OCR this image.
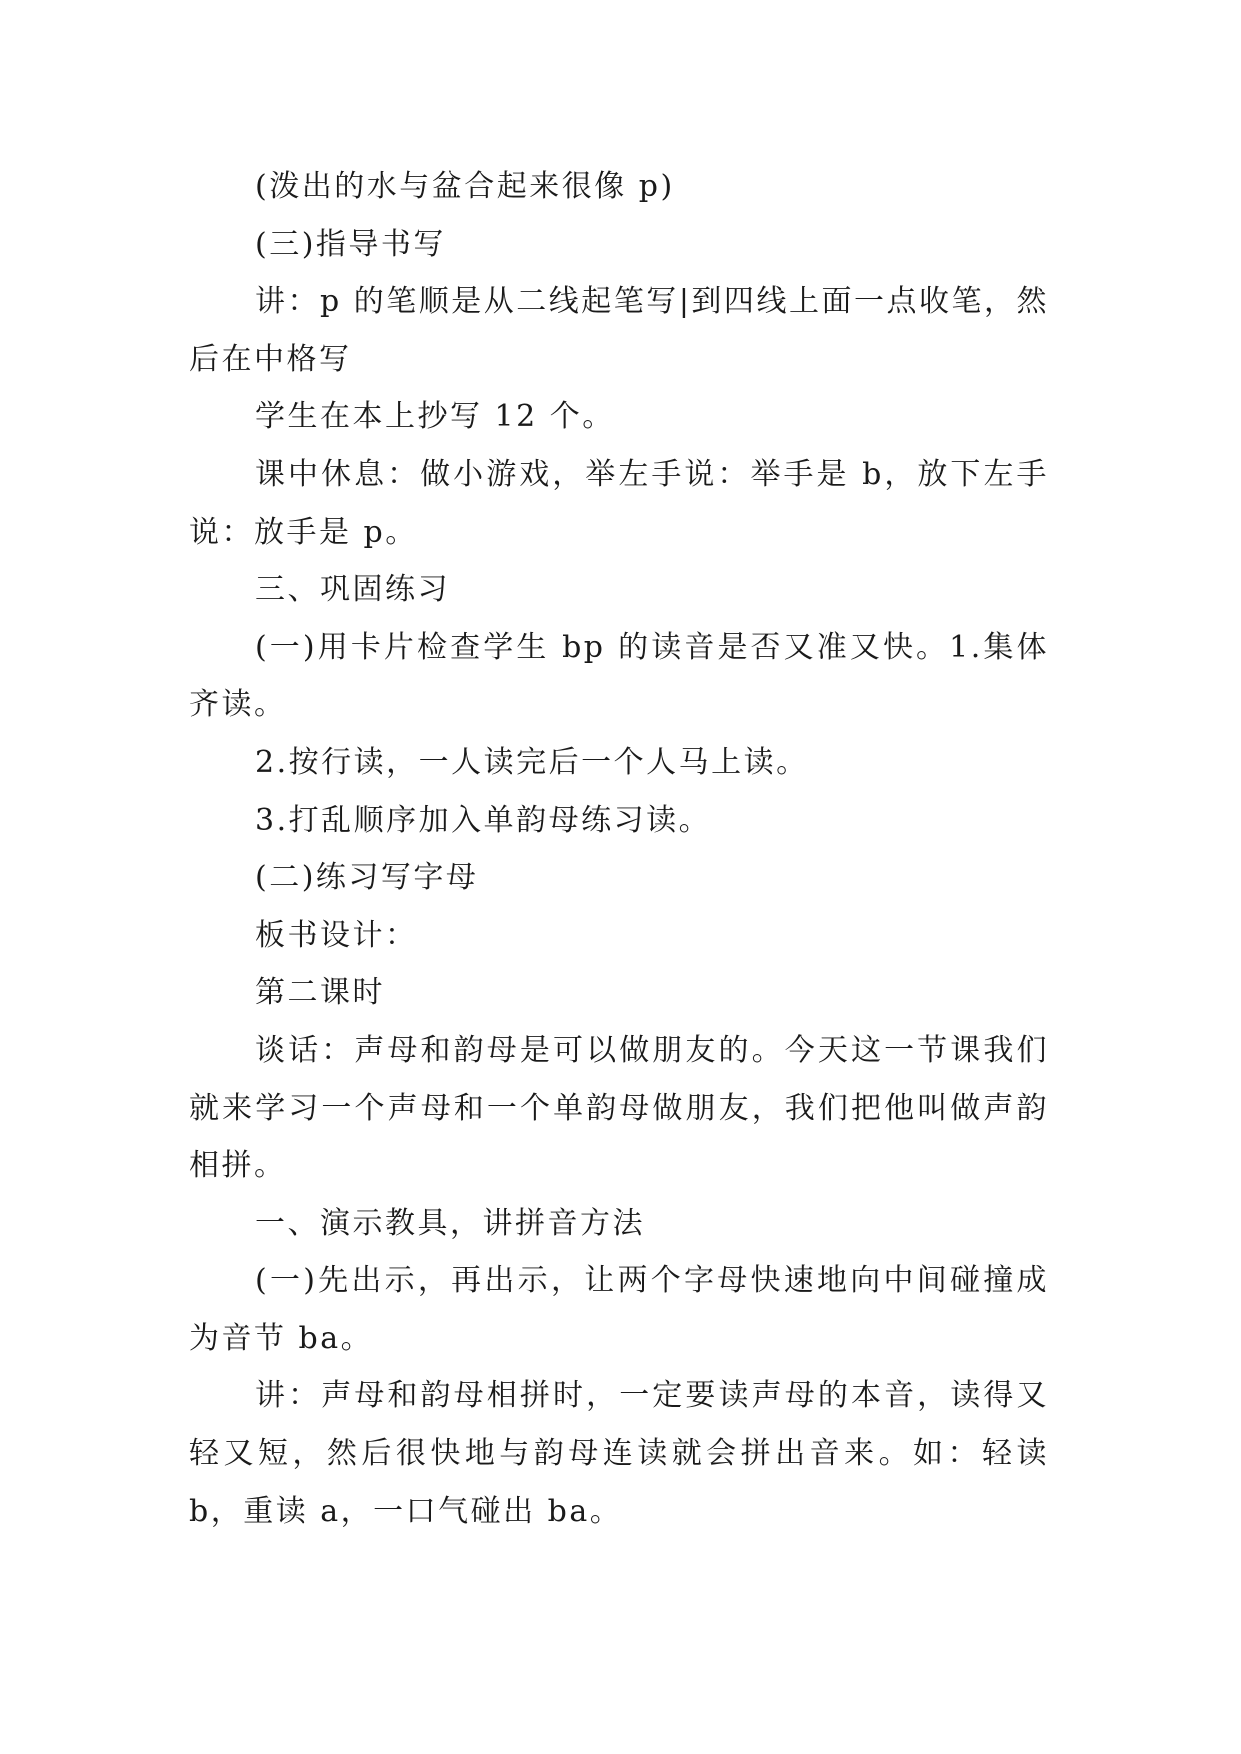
(泼出的水与盆合起来很像 p)

(三)指导书写

讲：p 的笔顺是从二线起笔写|到四线上面一点收笔，然后在中格写

学生在本上抄写 12 个。

课中休息：做小游戏，举左手说：举手是 b，放下左手说：放手是 p。

三、巩固练习

(一)用卡片检查学生 bp 的读音是否又准又快。1.集体齐读。

2.按行读，一人读完后一个人马上读。

3.打乱顺序加入单韵母练习读。

(二)练习写字母

板书设计：

第二课时

谈话：声母和韵母是可以做朋友的。今天这一节课我们就来学习一个声母和一个单韵母做朋友，我们把他叫做声韵相拼。

一、演示教具，讲拼音方法

(一)先出示，再出示，让两个字母快速地向中间碰撞成为音节 ba。

讲：声母和韵母相拼时，一定要读声母的本音，读得又轻又短，然后很快地与韵母连读就会拼出音来。如：轻读 b，重读 a，一口气碰出 ba。
